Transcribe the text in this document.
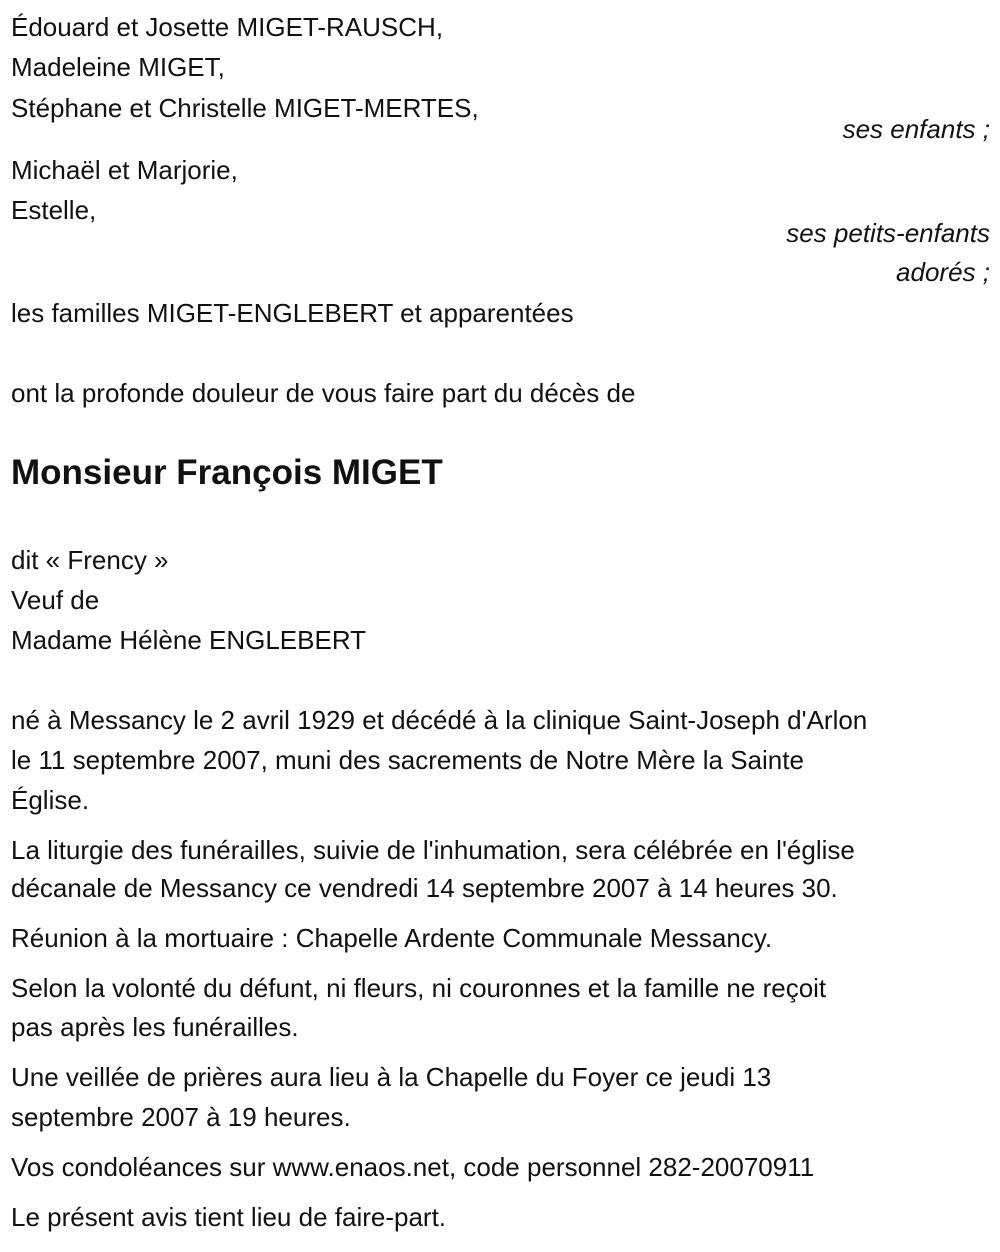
Édouard et Josette MIGET-RAUSCH,
Madeleine MIGET,
Stéphane et Christelle MIGET-MERTES,
ses enfants ;
Michaël et Marjorie,
Estelle,
ses petits-enfants
adorés ;
les familles MIGET-ENGLEBERT et apparentées
ont la profonde douleur de vous faire part du décès de
Monsieur François MIGET
dit « Frency »
Veuf de
Madame Hélène ENGLEBERT
né à Messancy le 2 avril 1929 et décédé à la clinique Saint-Joseph d'Arlon
le 11 septembre 2007, muni des sacrements de Notre Mère la Sainte
Église.
La liturgie des funérailles, suivie de l'inhumation, sera célébrée en l'église
décanale de Messancy ce vendredi 14 septembre 2007 à 14 heures 30.
Réunion à la mortuaire : Chapelle Ardente Communale Messancy.
Selon la volonté du défunt, ni fleurs, ni couronnes et la famille ne reçoit
pas après les funérailles.
Une veillée de prières aura lieu à la Chapelle du Foyer ce jeudi 13
septembre 2007 à 19 heures.
Vos condoléances sur www.enaos.net, code personnel 282-20070911
Le présent avis tient lieu de faire-part.
